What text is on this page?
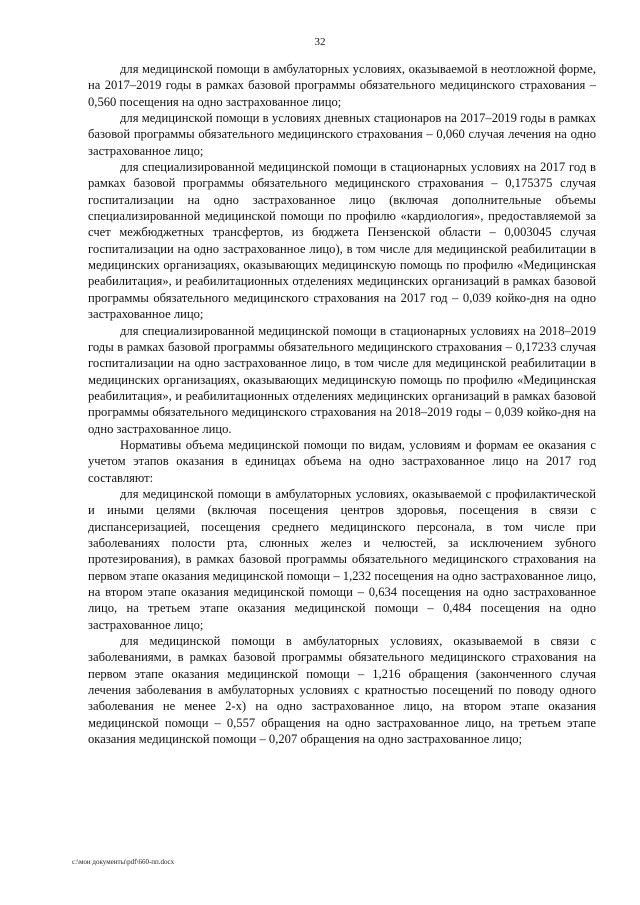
32

для медицинской помощи в амбулаторных условиях, оказываемой в неотложной форме, на 2017–2019 годы в рамках базовой программы обязательного медицинского страхования – 0,560 посещения на одно застрахованное лицо;

для медицинской помощи в условиях дневных стационаров на 2017–2019 годы в рамках базовой программы обязательного медицинского страхования – 0,060 случая лечения на одно застрахованное лицо;

для специализированной медицинской помощи в стационарных условиях на 2017 год в рамках базовой программы обязательного медицинского страхования – 0,175375 случая госпитализации на одно застрахованное лицо (включая дополнительные объемы специализированной медицинской помощи по профилю «кардиология», предоставляемой за счет межбюджетных трансфертов, из бюджета Пензенской области – 0,003045 случая госпитализации на одно застрахованное лицо), в том числе для медицинской реабилитации в медицинских организациях, оказывающих медицинскую помощь по профилю «Медицинская реабилитация», и реабилитационных отделениях медицинских организаций в рамках базовой программы обязательного медицинского страхования на 2017 год – 0,039 койко-дня на одно застрахованное лицо;

для специализированной медицинской помощи в стационарных условиях на 2018–2019 годы в рамках базовой программы обязательного медицинского страхования – 0,17233 случая госпитализации на одно застрахованное лицо, в том числе для медицинской реабилитации в медицинских организациях, оказывающих медицинскую помощь по профилю «Медицинская реабилитация», и реабилитационных отделениях медицинских организаций в рамках базовой программы обязательного медицинского страхования на 2018–2019 годы – 0,039 койко-дня на одно застрахованное лицо.

Нормативы объема медицинской помощи по видам, условиям и формам ее оказания с учетом этапов оказания в единицах объема на одно застрахованное лицо на 2017 год составляют:

для медицинской помощи в амбулаторных условиях, оказываемой с профилактической и иными целями (включая посещения центров здоровья, посещения в связи с диспансеризацией, посещения среднего медицинского персонала, в том числе при заболеваниях полости рта, слюнных желез и челюстей, за исключением зубного протезирования), в рамках базовой программы обязательного медицинского страхования на первом этапе оказания медицинской помощи – 1,232 посещения на одно застрахованное лицо, на втором этапе оказания медицинской помощи – 0,634 посещения на одно застрахованное лицо, на третьем этапе оказания медицинской помощи – 0,484 посещения на одно застрахованное лицо;

для медицинской помощи в амбулаторных условиях, оказываемой в связи с заболеваниями, в рамках базовой программы обязательного медицинского страхования на первом этапе оказания медицинской помощи – 1,216 обращения (законченного случая лечения заболевания в амбулаторных условиях с кратностью посещений по поводу одного заболевания не менее 2-х) на одно застрахованное лицо, на втором этапе оказания медицинской помощи – 0,557 обращения на одно застрахованное лицо, на третьем этапе оказания медицинской помощи – 0,207 обращения на одно застрахованное лицо;

c:\мои документы\pdf\660-пп.docx
